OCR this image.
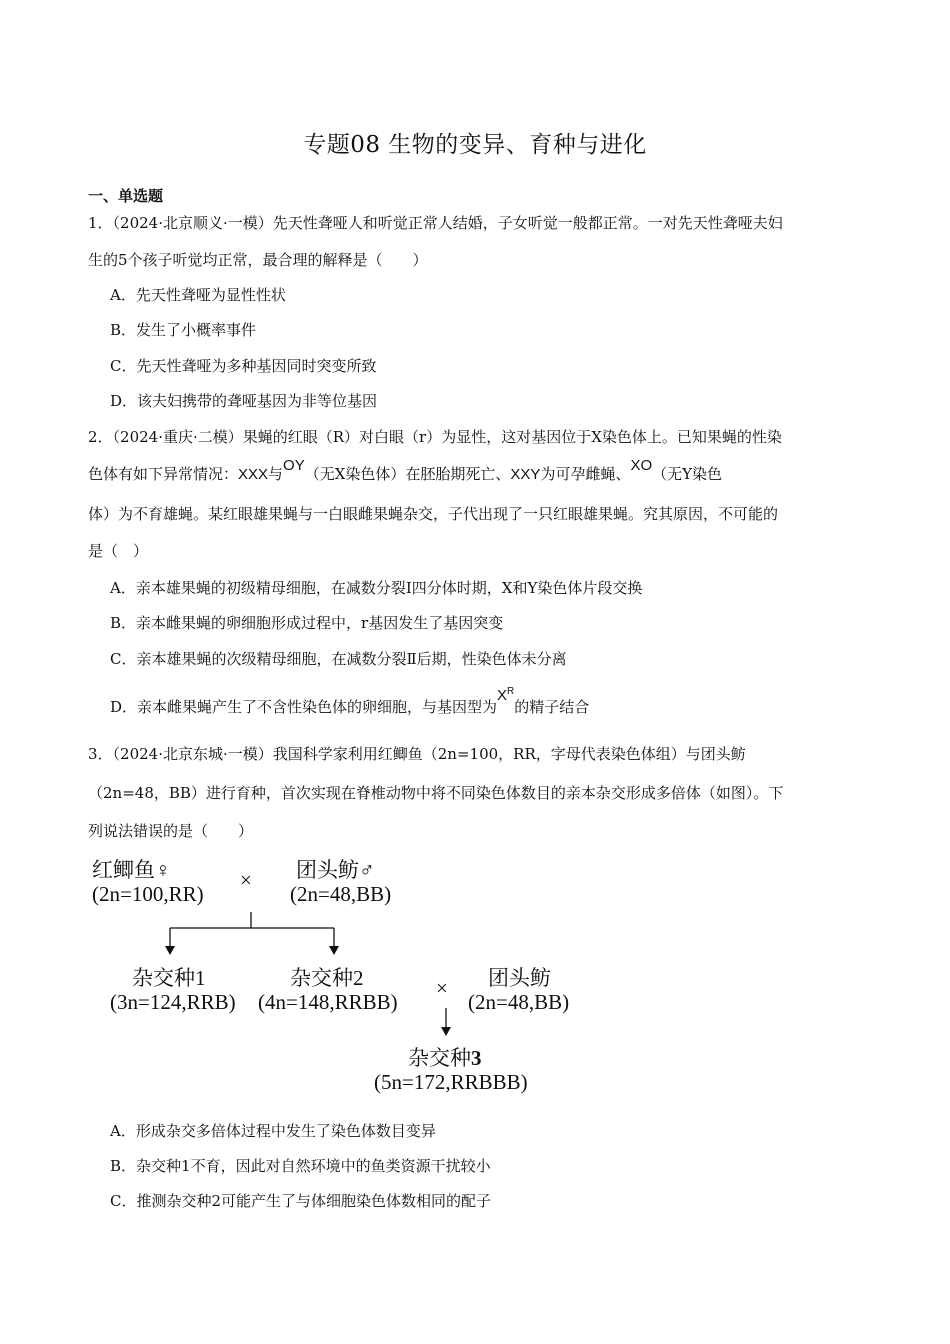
专题08 生物的变异、育种与进化
一、单选题
1．（2024·北京顺义·一模）先天性聋哑人和听觉正常人结婚，子女听觉一般都正常。一对先天性聋哑夫妇
生的5个孩子听觉均正常，最合理的解释是（　　）
A．先天性聋哑为显性性状
B．发生了小概率事件
C．先天性聋哑为多种基因同时突变所致
D．该夫妇携带的聋哑基因为非等位基因
2．（2024·重庆·二模）果蝇的红眼（R）对白眼（r）为显性，这对基因位于X染色体上。已知果蝇的性染
色体有如下异常情况：XXX与OY（无X染色体）在胚胎期死亡、XXY为可孕雌蝇、XO（无Y染色
体）为不育雄蝇。某红眼雄果蝇与一白眼雌果蝇杂交，子代出现了一只红眼雄果蝇。究其原因，不可能的
是（　）
A．亲本雄果蝇的初级精母细胞，在减数分裂Ⅰ四分体时期，X和Y染色体片段交换
B．亲本雌果蝇的卵细胞形成过程中，r基因发生了基因突变
C．亲本雄果蝇的次级精母细胞，在减数分裂Ⅱ后期，性染色体未分离
D．亲本雌果蝇产生了不含性染色体的卵细胞，与基因型为$X^R$的精子结合
3．（2024·北京东城·一模）我国科学家利用红鲫鱼（2n=100，RR，字母代表染色体组）与团头鲂
（2n=48，BB）进行育种，首次实现在脊椎动物中将不同染色体数目的亲本杂交形成多倍体（如图）。下
列说法错误的是（　　）
红鲫鱼♀
(2n=100,RR)
× 团头鲂♂
(2n=48,BB)
杂交种1
(3n=124,RRB)
杂交种2
(4n=148,RRBB)
× 团头鲂
(2n=48,BB)
杂交种3
(5n=172,RRBBB)
A．形成杂交多倍体过程中发生了染色体数目变异
B．杂交种1不育，因此对自然环境中的鱼类资源干扰较小
C．推测杂交种2可能产生了与体细胞染色体数相同的配子
